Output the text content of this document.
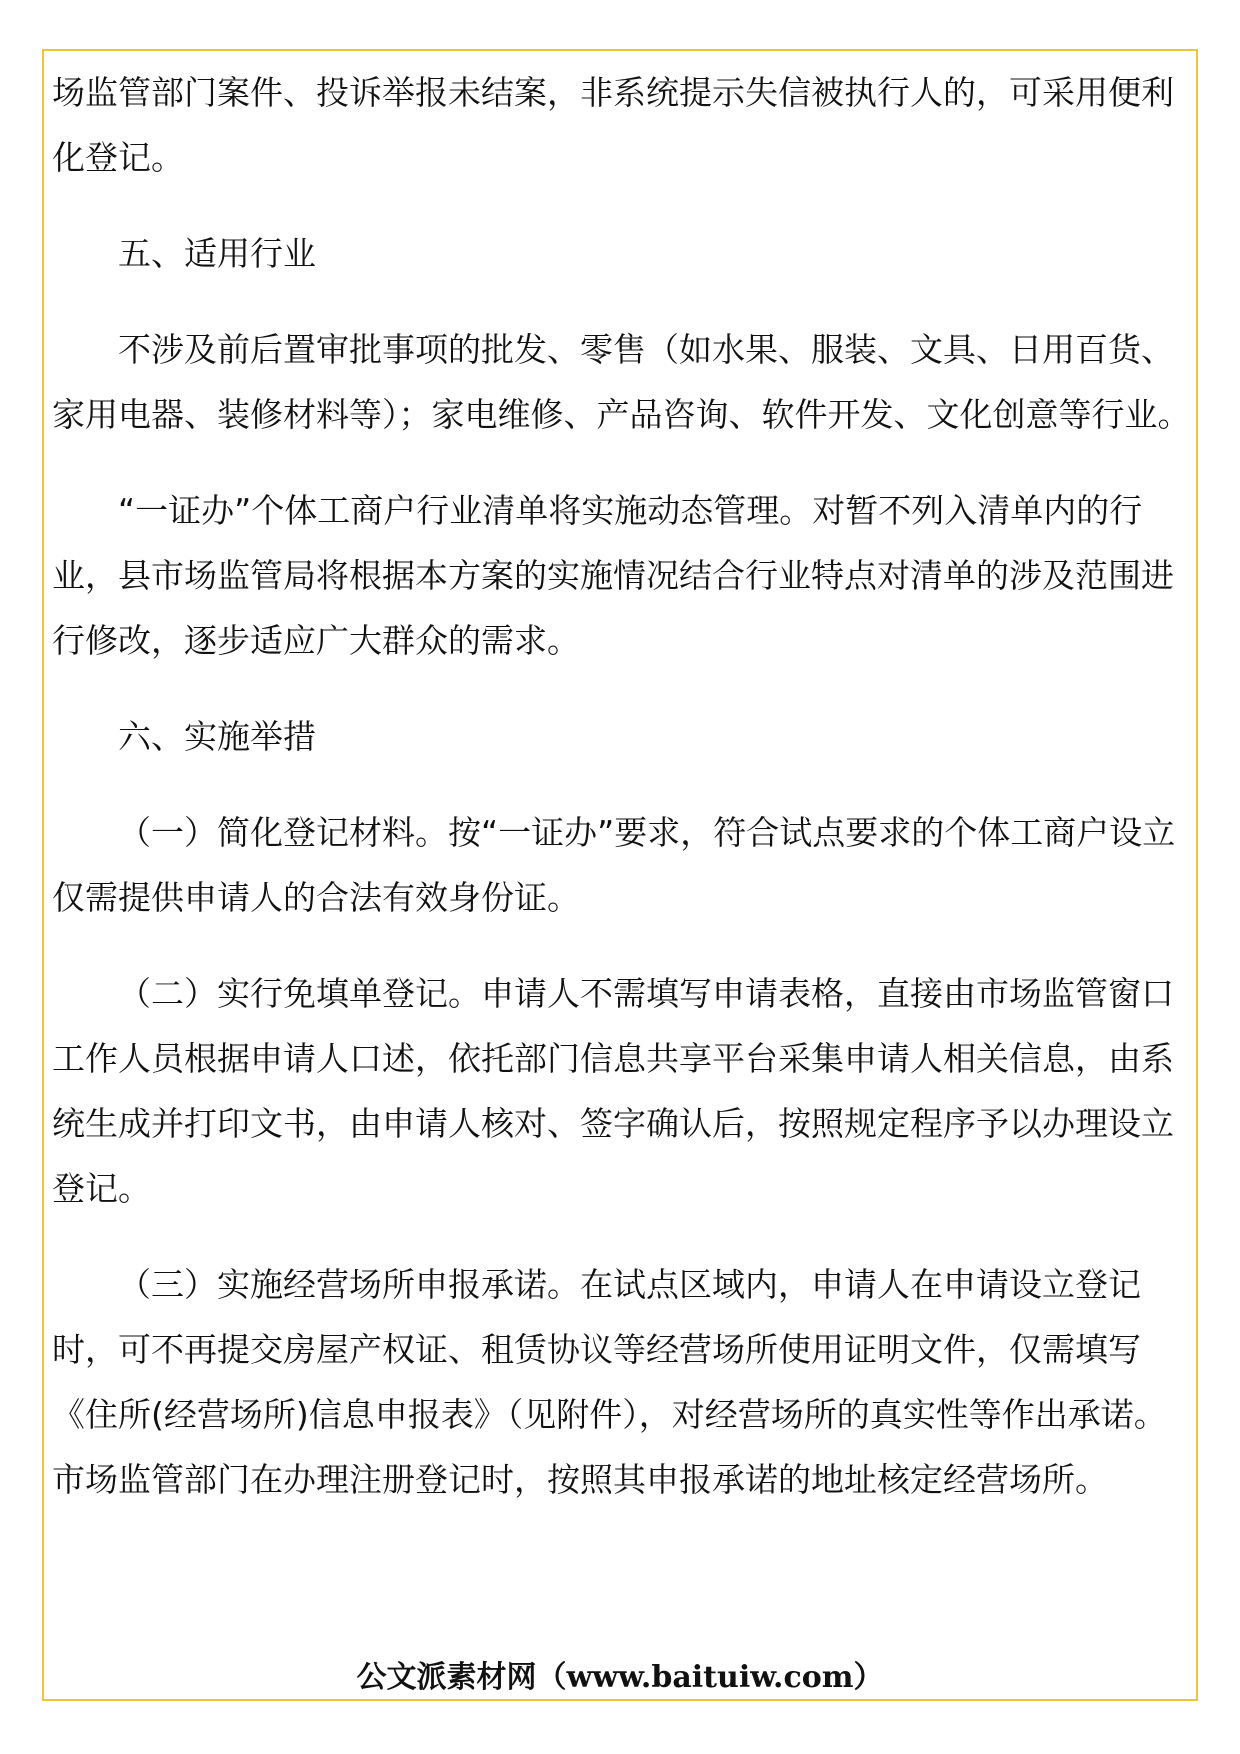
场监管部门案件、投诉举报未结案，非系统提示失信被执行人的，可采用便利化登记。

五、适用行业

不涉及前后置审批事项的批发、零售（如水果、服装、文具、日用百货、家用电器、装修材料等）；家电维修、产品咨询、软件开发、文化创意等行业。

“一证办”个体工商户行业清单将实施动态管理。对暂不列入清单内的行业，县市场监管局将根据本方案的实施情况结合行业特点对清单的涉及范围进行修改，逐步适应广大群众的需求。

六、实施举措

（一）简化登记材料。按“一证办”要求，符合试点要求的个体工商户设立仅需提供申请人的合法有效身份证。

（二）实行免填单登记。申请人不需填写申请表格，直接由市场监管窗口工作人员根据申请人口述，依托部门信息共享平台采集申请人相关信息，由系统生成并打印文书，由申请人核对、签字确认后，按照规定程序予以办理设立登记。

（三）实施经营场所申报承诺。在试点区域内，申请人在申请设立登记时，可不再提交房屋产权证、租赁协议等经营场所使用证明文件，仅需填写《住所(经营场所)信息申报表》（见附件），对经营场所的真实性等作出承诺。市场监管部门在办理注册登记时，按照其申报承诺的地址核定经营场所。

公文派素材网（www.baituiw.com）
